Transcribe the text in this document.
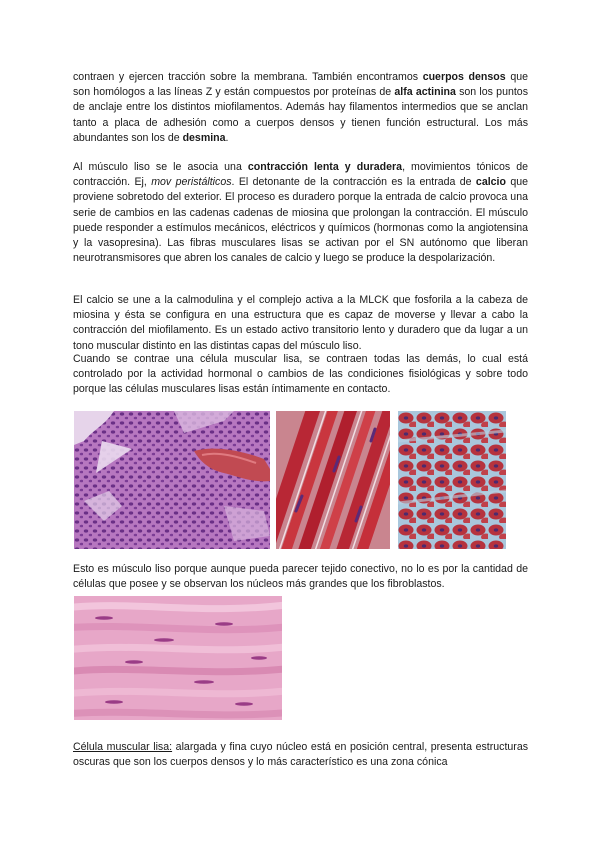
contraen y ejercen tracción sobre la membrana. También encontramos cuerpos densos que son homólogos a las líneas Z y están compuestos por proteínas de alfa actinina son los puntos de anclaje entre los distintos miofilamentos. Además hay filamentos intermedios que se anclan tanto a placa de adhesión como a cuerpos densos y tienen función estructural. Los más abundantes son los de desmina.

Al músculo liso se le asocia una contracción lenta y duradera, movimientos tónicos de contracción. Ej, mov peristálticos. El detonante de la contracción es la entrada de calcio que proviene sobretodo del exterior. El proceso es duradero porque la entrada de calcio provoca una serie de cambios en las cadenas cadenas de miosina que prolongan la contracción. El músculo puede responder a estímulos mecánicos, eléctricos y químicos (hormonas como la angiotensina y la vasopresina). Las fibras musculares lisas se activan por el SN autónomo que liberan neurotransmisores que abren los canales de calcio y luego se produce la despolarización.

El calcio se une a la calmodulina y el complejo activa a la MLCK que fosforila a la cabeza de miosina y ésta se configura en una estructura que es capaz de moverse y llevar a cabo la contracción del miofilamento. Es un estado activo transitorio lento y duradero que da lugar a un tono muscular distinto en las distintas capas del músculo liso.

Cuando se contrae una célula muscular lisa, se contraen todas las demás, lo cual está controlado por la actividad hormonal o cambios de las condiciones fisiológicas y sobre todo porque las células musculares lisas están íntimamente en contacto.

Esto es músculo liso porque aunque pueda parecer tejido conectivo, no lo es por la cantidad de células que posee y se observan los núcleos más grandes que los fibroblastos.

Célula muscular lisa: alargada y fina cuyo núcleo está en posición central, presenta estructuras oscuras que son los cuerpos densos y lo más característico es una zona cónica
